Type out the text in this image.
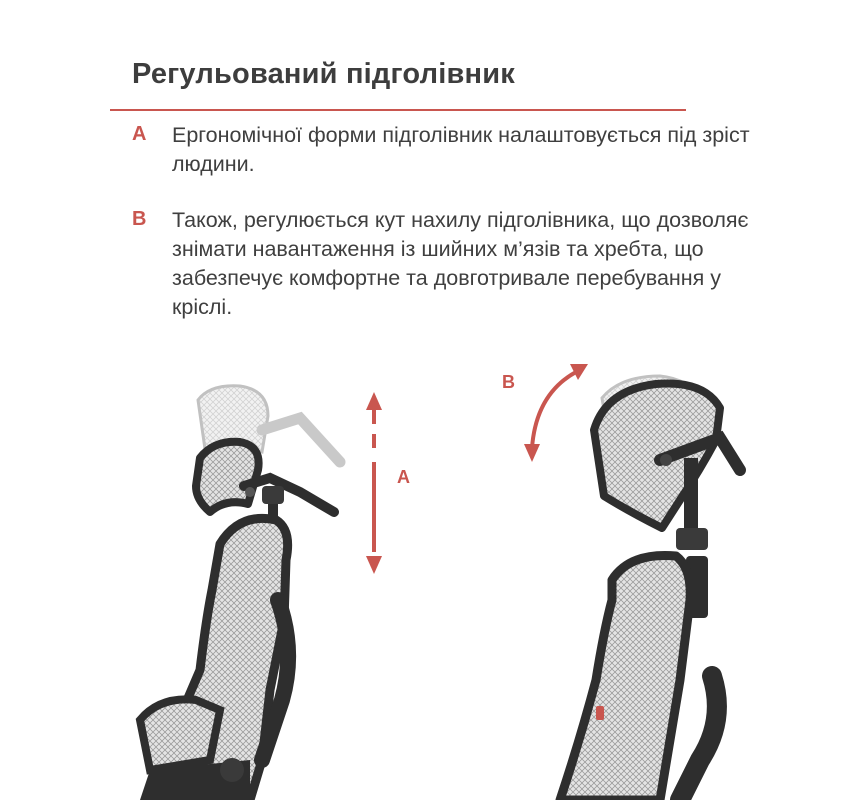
Регульований підголівник
A Ергономічної форми підголівник налаштовується під зріст людини.

B Також, регулюється кут нахилу підголівника, що дозволяє знімати навантаження із шийних м’язів та хребта, що забезпечує комфортне та довготривале перебування у кріслі.

A
B
